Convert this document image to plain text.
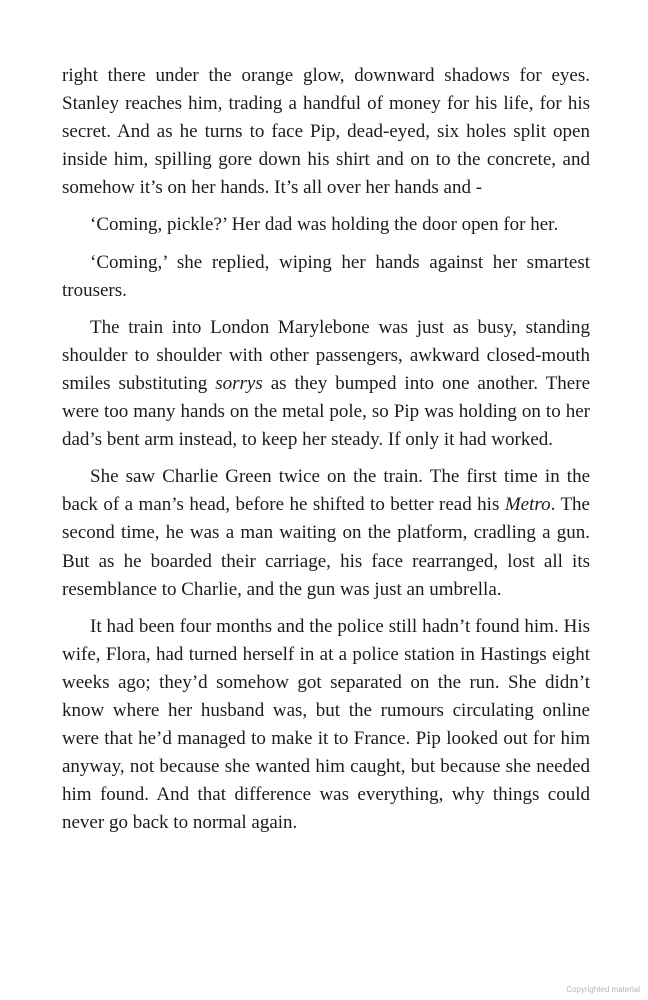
right there under the orange glow, downward shadows for eyes. Stanley reaches him, trading a handful of money for his life, for his secret. And as he turns to face Pip, dead-eyed, six holes split open inside him, spilling gore down his shirt and on to the concrete, and somehow it’s on her hands. It’s all over her hands and -

‘Coming, pickle?’ Her dad was holding the door open for her.

‘Coming,’ she replied, wiping her hands against her smartest trousers.

The train into London Marylebone was just as busy, standing shoulder to shoulder with other passengers, awkward closed-mouth smiles substituting sorrys as they bumped into one another. There were too many hands on the metal pole, so Pip was holding on to her dad’s bent arm instead, to keep her steady. If only it had worked.

She saw Charlie Green twice on the train. The first time in the back of a man’s head, before he shifted to better read his Metro. The second time, he was a man waiting on the platform, cradling a gun. But as he boarded their carriage, his face rearranged, lost all its resemblance to Charlie, and the gun was just an umbrella.

It had been four months and the police still hadn’t found him. His wife, Flora, had turned herself in at a police station in Hastings eight weeks ago; they’d somehow got separated on the run. She didn’t know where her husband was, but the rumours circulating online were that he’d managed to make it to France. Pip looked out for him anyway, not because she wanted him caught, but because she needed him found. And that difference was everything, why things could never go back to normal again.

Copyrighted material
